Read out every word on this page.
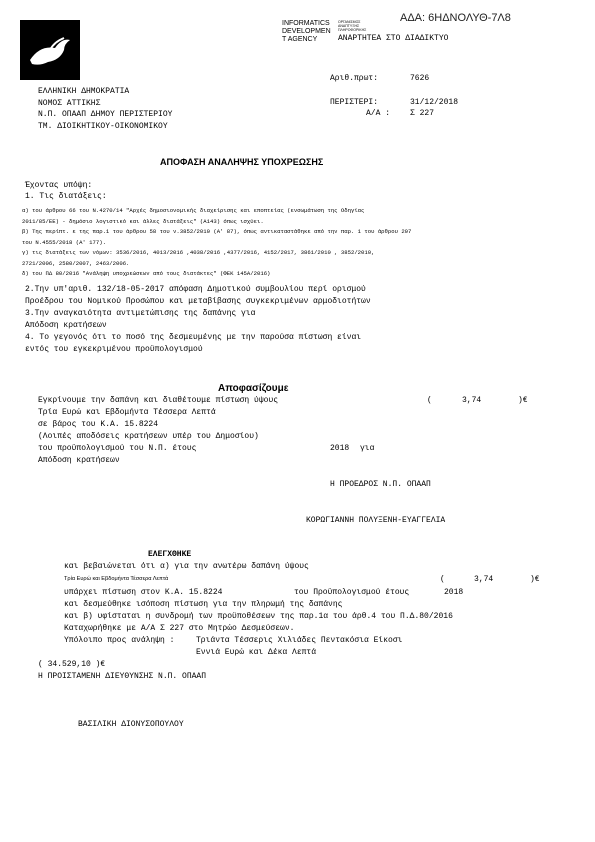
ΑΔΑ: 6ΗΔΝΟΛΥΘ-7Λ8
INFORMATICS
DEVELOPMEN
T AGENCY
ΟΡΓΑΝΙΣΜΟΣ
ΑΝΑΠΤΥΞΗΣ
ΠΛΗΡΟΦΟΡΙΚΗΣ
ΑΝΑΡΤΗΤΕΑ ΣΤΟ ΔΙΑΔΙΚΤΥΟ
ΕΛΛΗΝΙΚΗ ΔΗΜΟΚΡΑΤΙΑ
ΝΟΜΟΣ ΑΤΤΙΚΗΣ
Ν.Π. ΟΠΑΑΠ ΔΗΜΟΥ ΠΕΡΙΣΤΕΡΙΟΥ
ΤΜ. ΔΙΟΙΚΗΤΙΚΟΥ-ΟΙΚΟΝΟΜΙΚΟΥ
Αριθ.πρωτ:	7626
ΠΕΡΙΣΤΕΡΙ:	31/12/2018
Α/Α : Σ 227
ΑΠΟΦΑΣΗ ΑΝΑΛΗΨΗΣ ΥΠΟΧΡΕΩΣΗΣ
Έχοντας υπόψη:
1. Τις διατάξεις:
α) του άρθρου 66 του Ν.4270/14 "Αρχές δημοσιονομικής διαχείρισης και εποπτείας (ενσωμάτωση της Οδηγίας
2011/85/ΕΕ) - δημόσιο λογιστικό και άλλες διατάξεις" (Α143) όπως ισχύει.
β) Της περίπτ. ε της παρ.1 του άρθρου 58 του ν.3852/2010 (Α' 87), όπως αντικαταστάθηκε από την παρ. 1 του άρθρου 207
του Ν.4555/2018 (Α' 177).
γ) τις διατάξεις των νόμων: 3536/2016, 4013/2016 ,4038/2016 ,4377/2016, 4152/2017, 3861/2010 , 3852/2010,
2721/2006, 2580/2007, 2463/2006.
δ) του ΠΔ 80/2016 "Ανάληψη υποχρεώσεων από τους διατάκτες" (ΦΕΚ 145Α/2016)
2.Την υπ'αριθ. 132/18-05-2017 απόφαση Δημοτικού συμβουλίου περί ορισμού
Προέδρου του Νομικού Προσώπου και μεταβίβασης συγκεκριμένων αρμοδιοτήτων
3.Την αναγκαιότητα αντιμετώπισης της δαπάνης για
Απόδοση κρατήσεων
4. Το γεγονός ότι το ποσό της δεσμευμένης με την παρούσα πίστωση είναι
εντός του εγκεκριμένου προϋπολογισμού
Αποφασίζουμε
Εγκρίνουμε την δαπάνη και διαθέτουμε πίστωση ύψους	(	3,74	)€
Τρία Ευρώ και Εβδομήντα Τέσσερα Λεπτά
σε βάρος του Κ.Α. 15.8224
(Λοιπές αποδόσεις κρατήσεων υπέρ του Δημοσίου)
του προϋπολογισμού του Ν.Π. έτους	2018 για
Απόδοση κρατήσεων
Η ΠΡΟΕΔΡΟΣ Ν.Π. ΟΠΑΑΠ
ΚΟΡΩΓΙΑΝΝΗ ΠΟΛΥΞΕΝΗ-ΕΥΑΓΓΕΛΙΑ
ΕΛΕΓΧΘΗΚΕ
και βεβαιώνεται ότι α) για την ανωτέρω δαπάνη ύψους
Τρία Ευρώ και Εβδομήντα Τέσσερα Λεπτά	(	3,74	)€
υπάρχει πίστωση στον Κ.Α. 15.8224	του Προϋπολογισμού έτους	2018
και δεσμεύθηκε ισόποση πίστωση για την πληρωμή της δαπάνης
και β) υφίσταται η συνδρομή των προϋποθέσεων της παρ.1α του άρθ.4 του Π.Δ.80/2016
Καταχωρήθηκε με Α/Α Σ 227 στο Μητρώο Δεσμεύσεων.
Υπόλοιπο προς ανάληψη :	Τριάντα Τέσσερις Χιλιάδες Πεντακόσια Είκοσι
Εννιά Ευρώ και Δέκα Λεπτά
( 34.529,10 )€
Η ΠΡΟΙΣΤΑΜΕΝΗ ΔΙΕΥΘΥΝΣΗΣ Ν.Π. ΟΠΑΑΠ
ΒΑΣΙΛΙΚΗ ΔΙΟΝΥΣΟΠΟΥΛΟΥ
